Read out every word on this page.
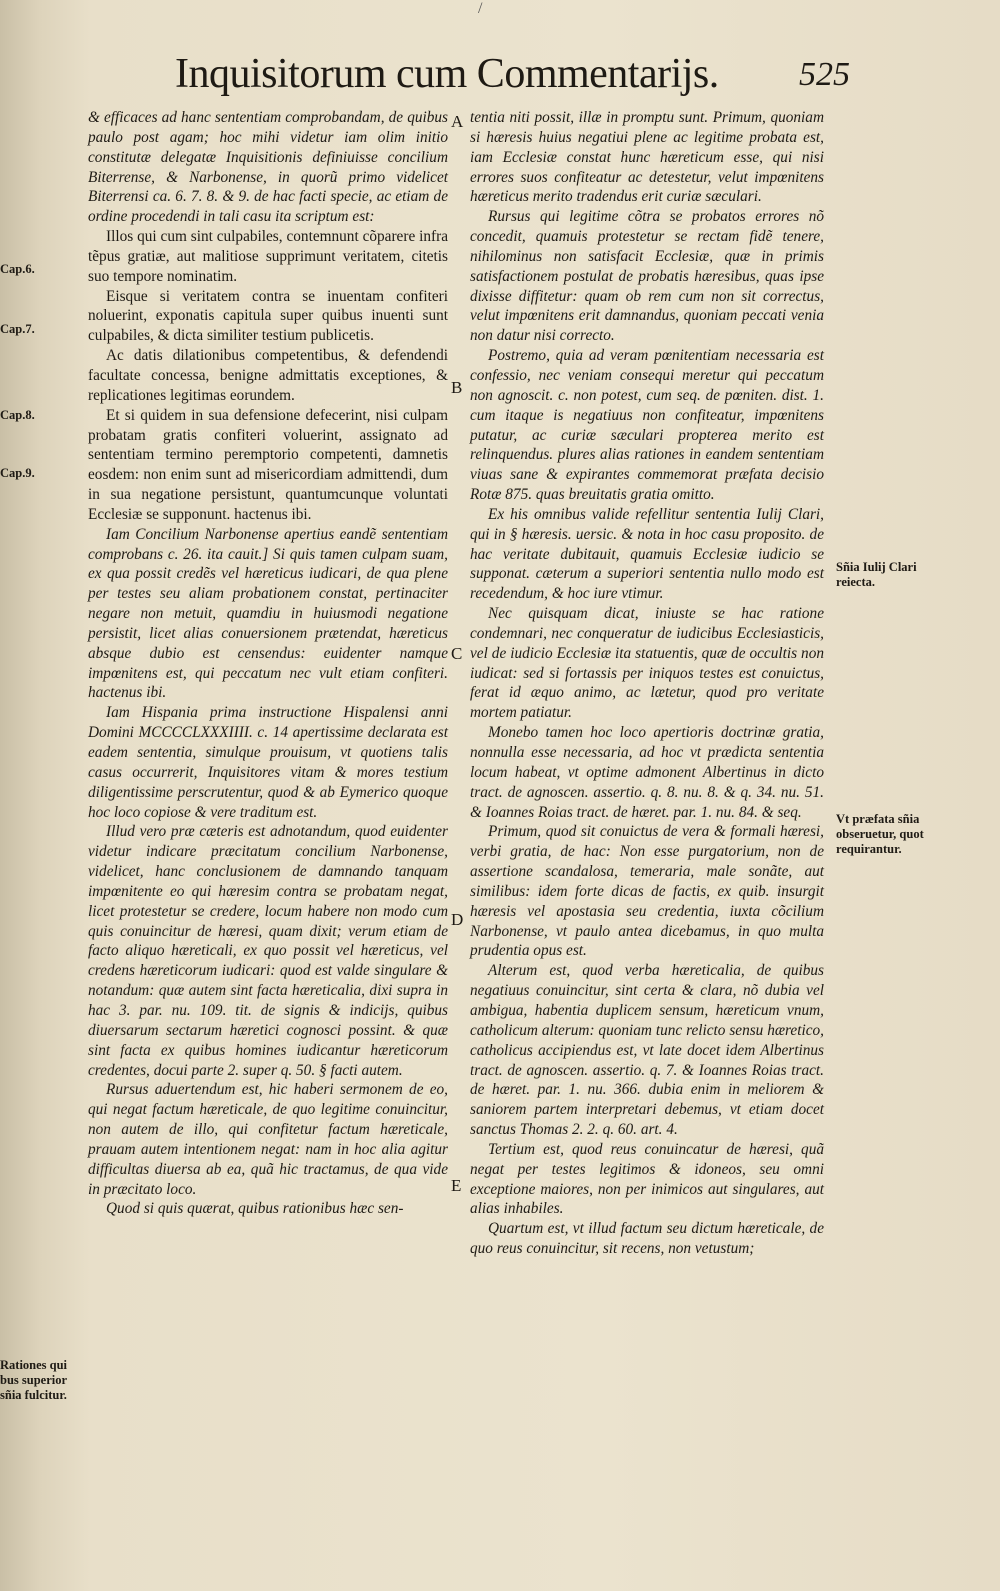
/
Inquisitorum cum Commentarijs. 525

& efficaces ad hanc sententiam comprobandam, de quibus paulo post agam; hoc mihi videtur iam olim initio constitutæ delegatæ Inquisitionis definiuisse concilium Biterrense, & Narbonense, in quorũ primo videlicet Biterrensi ca. 6. 7. 8. & 9. de hac facti specie, ac etiam de ordine procedendi in tali casu ita scriptum est:

Illos qui cum sint culpabiles, contemnunt cõparere infra tẽpus gratiæ, aut malitiose supprimunt veritatem, citetis suo tempore nominatim.

Eisque si veritatem contra se inuentam confiteri noluerint, exponatis capitula super quibus inuenti sunt culpabiles, & dicta similiter testium publicetis.

Ac datis dilationibus competentibus, & defendendi facultate concessa, benigne admittatis exceptiones, & replicationes legitimas eorundem.

Et si quidem in sua defensione defecerint, nisi culpam probatam gratis confiteri voluerint, assignato ad sententiam termino peremptorio competenti, damnetis eosdem: non enim sunt ad misericordiam admittendi, dum in sua negatione persistunt, quantumcunque voluntati Ecclesiæ se supponunt. hactenus ibi.

Iam Concilium Narbonense apertius eandẽ sententiam comprobans c. 26. ita cauit.] Si quis tamen culpam suam, ex qua possit credẽs vel hæreticus iudicari, de qua plene per testes seu aliam probationem constat, pertinaciter negare non metuit, quamdiu in huiusmodi negatione persistit, licet alias conuersionem prætendat, hæreticus absque dubio est censendus: euidenter namque impœnitens est, qui peccatum nec vult etiam confiteri. hactenus ibi.

Iam Hispania prima instructione Hispalensi anni Domini MCCCCLXXXIIII. c. 14 apertissime declarata est eadem sententia, simulque prouisum, vt quotiens talis casus occurrerit, Inquisitores vitam & mores testium diligentissime perscrutentur, quod & ab Eymerico quoque hoc loco copiose & vere traditum est.

Illud vero præ cæteris est adnotandum, quod euidenter videtur indicare præcitatum concilium Narbonense, videlicet, hanc conclusionem de damnando tanquam impœnitente eo qui hæresim contra se probatam negat, licet protestetur se credere, locum habere non modo cum quis conuincitur de hæresi, quam dixit; verum etiam de facto aliquo hæreticali, ex quo possit vel hæreticus, vel credens hæreticorum iudicari: quod est valde singulare & notandum: quæ autem sint facta hæreticalia, dixi supra in hac 3. par. nu. 109. tit. de signis & indicijs, quibus diuersarum sectarum hæretici cognosci possint. & quæ sint facta ex quibus homines iudicantur hæreticorum credentes, docui parte 2. super q. 50. § facti autem.

Rursus aduertendum est, hic haberi sermonem de eo, qui negat factum hæreticale, de quo legitime conuincitur, non autem de illo, qui confitetur factum hæreticale, prauam autem intentionem negat: nam in hoc alia agitur difficultas diuersa ab ea, quã hic tractamus, de qua vide in præcitato loco.

Quod si quis quærat, quibus rationibus hæc sen-

tentia niti possit, illæ in promptu sunt. Primum, quoniam si hæresis huius negatiui plene ac legitime probata est, iam Ecclesiæ constat hunc hæreticum esse, qui nisi errores suos confiteatur ac detestetur, velut impœnitens hæreticus merito tradendus erit curiæ sæculari.

Rursus qui legitime cõtra se probatos errores nõ concedit, quamuis protestetur se rectam fidẽ tenere, nihilominus non satisfacit Ecclesiæ, quæ in primis satisfactionem postulat de probatis hæresibus, quas ipse dixisse diffitetur: quam ob rem cum non sit correctus, velut impœnitens erit damnandus, quoniam peccati venia non datur nisi correcto.

Postremo, quia ad veram pœnitentiam necessaria est confessio, nec veniam consequi meretur qui peccatum non agnoscit. c. non potest, cum seq. de pœniten. dist. 1. cum itaque is negatiuus non confiteatur, impœnitens putatur, ac curiæ sæculari propterea merito est relinquendus. plures alias rationes in eandem sententiam viuas sane & expirantes commemorat præfata decisio Rotæ 875. quas breuitatis gratia omitto.

Ex his omnibus valide refellitur sententia Iulij Clari, qui in § hæresis. uersic. & nota in hoc casu proposito. de hac veritate dubitauit, quamuis Ecclesiæ iudicio se supponat. cæterum a superiori sententia nullo modo est recedendum, & hoc iure vtimur.

Nec quisquam dicat, iniuste se hac ratione condemnari, nec conqueratur de iudicibus Ecclesiasticis, vel de iudicio Ecclesiæ ita statuentis, quæ de occultis non iudicat: sed si fortassis per iniquos testes est conuictus, ferat id æquo animo, ac lætetur, quod pro veritate mortem patiatur.

Monebo tamen hoc loco apertioris doctrinæ gratia, nonnulla esse necessaria, ad hoc vt prædicta sententia locum habeat, vt optime admonent Albertinus in dicto tract. de agnoscen. assertio. q. 8. nu. 8. & q. 34. nu. 51. & Ioannes Roias tract. de hæret. par. 1. nu. 84. & seq.

Primum, quod sit conuictus de vera & formali hæresi, verbi gratia, de hac: Non esse purgatorium, non de assertione scandalosa, temeraria, male sonãte, aut similibus: idem forte dicas de factis, ex quib. insurgit hæresis vel apostasia seu credentia, iuxta cõcilium Narbonense, vt paulo antea dicebamus, in quo multa prudentia opus est.

Alterum est, quod verba hæreticalia, de quibus negatiuus conuincitur, sint certa & clara, nõ dubia vel ambigua, habentia duplicem sensum, hæreticum vnum, catholicum alterum: quoniam tunc relicto sensu hæretico, catholicus accipiendus est, vt late docet idem Albertinus tract. de agnoscen. assertio. q. 7. & Ioannes Roias tract. de hæret. par. 1. nu. 366. dubia enim in meliorem & saniorem partem interpretari debemus, vt etiam docet sanctus Thomas 2. 2. q. 60. art. 4.

Tertium est, quod reus conuincatur de hæresi, quã negat per testes legitimos & idoneos, seu omni exceptione maiores, non per inimicos aut singulares, aut alias inhabiles.

Quartum est, vt illud factum seu dictum hæreticale, de quo reus conuincitur, sit recens, non vetustum;

A
B
C
D
E
Cap.6.
Cap.7.
Cap.8.
Cap.9.
Rationes qui bus superior sñia fulcitur.
Sñia Iulij Clari reiecta.
Vt præfata sñia obseruetur, quot requirantur.
